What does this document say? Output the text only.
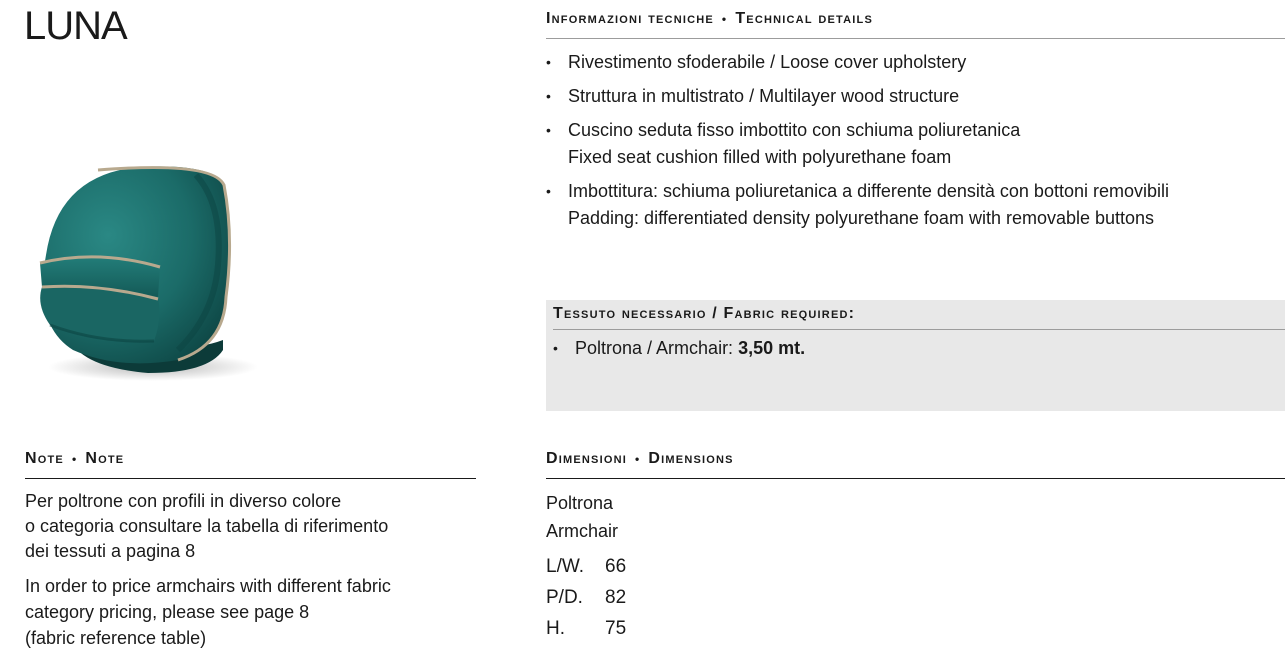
LUNA	Informazioni tecniche • Technical details
• Rivestimento sfoderabile / Loose cover upholstery
• Struttura in multistrato / Multilayer wood structure
• Cuscino seduta fisso imbottito con schiuma poliuretanica
Fixed seat cushion filled with polyurethane foam
• Imbottitura: schiuma poliuretanica a differente densità con bottoni removibili
Padding: differentiated density polyurethane foam with removable buttons
Tessuto necessario / Fabric required:
• Poltrona / Armchair: 3,50 mt.
Note • Note

Per poltrone con profili in diverso colore
o categoria consultare la tabella di riferimento
dei tessuti a pagina 8

In order to price armchairs with different fabric
category pricing, please see page 8
(fabric reference table)

Dimensioni • Dimensions
Poltrona
Armchair
L/W.	66
P/D.	82
H.	75
